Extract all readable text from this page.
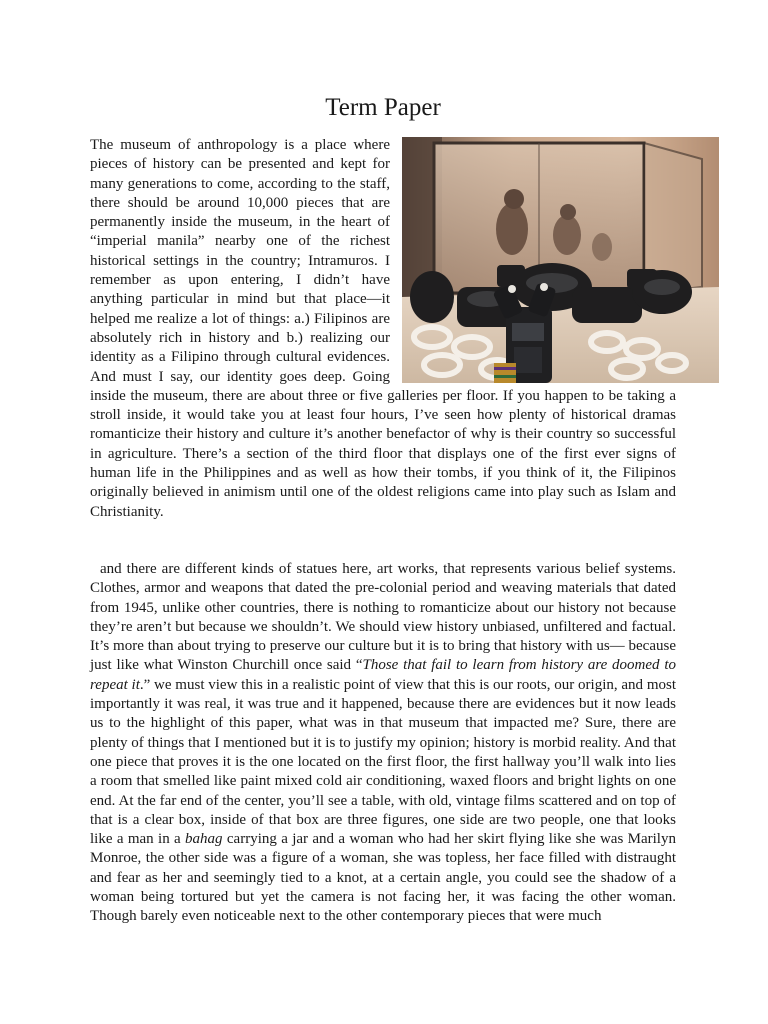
Term Paper

The museum of anthropology is a place where pieces of history can be presented and kept for many generations to come, according to the staff, there should be around 10,000 pieces that are permanently inside the museum, in the heart of “imperial manila” nearby one of the richest historical settings in the country; Intramuros. I remember as upon entering, I didn’t have anything particular in mind but that place—it helped me realize a lot of things: a.) Filipinos are absolutely rich in history and b.) realizing our identity as a Filipino through cultural evidences. And must I say, our identity goes deep. Going inside the museum, there are about three or five galleries per floor. If you happen to be taking a stroll inside, it would take you at least four hours, I’ve seen how plenty of historical dramas romanticize their history and culture it’s another benefactor of why is their country so successful in agriculture. There’s a section of the third floor that displays one of the first ever signs of human life in the Philippines and as well as how their tombs, if you think of it, the Filipinos originally believed in animism until one of the oldest religions came into play such as Islam and Christianity.

and there are different kinds of statues here, art works, that represents various belief systems. Clothes, armor and weapons that dated the pre-colonial period and weaving materials that dated from 1945, unlike other countries, there is nothing to romanticize about our history not because they’re aren’t but because we shouldn’t. We should view history unbiased, unfiltered and factual. It’s more than about trying to preserve our culture but it is to bring that history with us— because just like what Winston Churchill once said “Those that fail to learn from history are doomed to repeat it.” we must view this in a realistic point of view that this is our roots, our origin, and most importantly it was real, it was true and it happened, because there are evidences but it now leads us to the highlight of this paper, what was in that museum that impacted me? Sure, there are plenty of things that I mentioned but it is to justify my opinion; history is morbid reality. And that one piece that proves it is the one located on the first floor, the first hallway you’ll walk into lies a room that smelled like paint mixed cold air conditioning, waxed floors and bright lights on one end. At the far end of the center, you’ll see a table, with old, vintage films scattered and on top of that is a clear box, inside of that box are three figures, one side are two people, one that looks like a man in a bahag carrying a jar and a woman who had her skirt flying like she was Marilyn Monroe, the other side was a figure of a woman, she was topless, her face filled with distraught and fear as her and seemingly tied to a knot, at a certain angle, you could see the shadow of a woman being tortured but yet the camera is not facing her, it was facing the other woman. Though barely even noticeable next to the other contemporary pieces that were much
